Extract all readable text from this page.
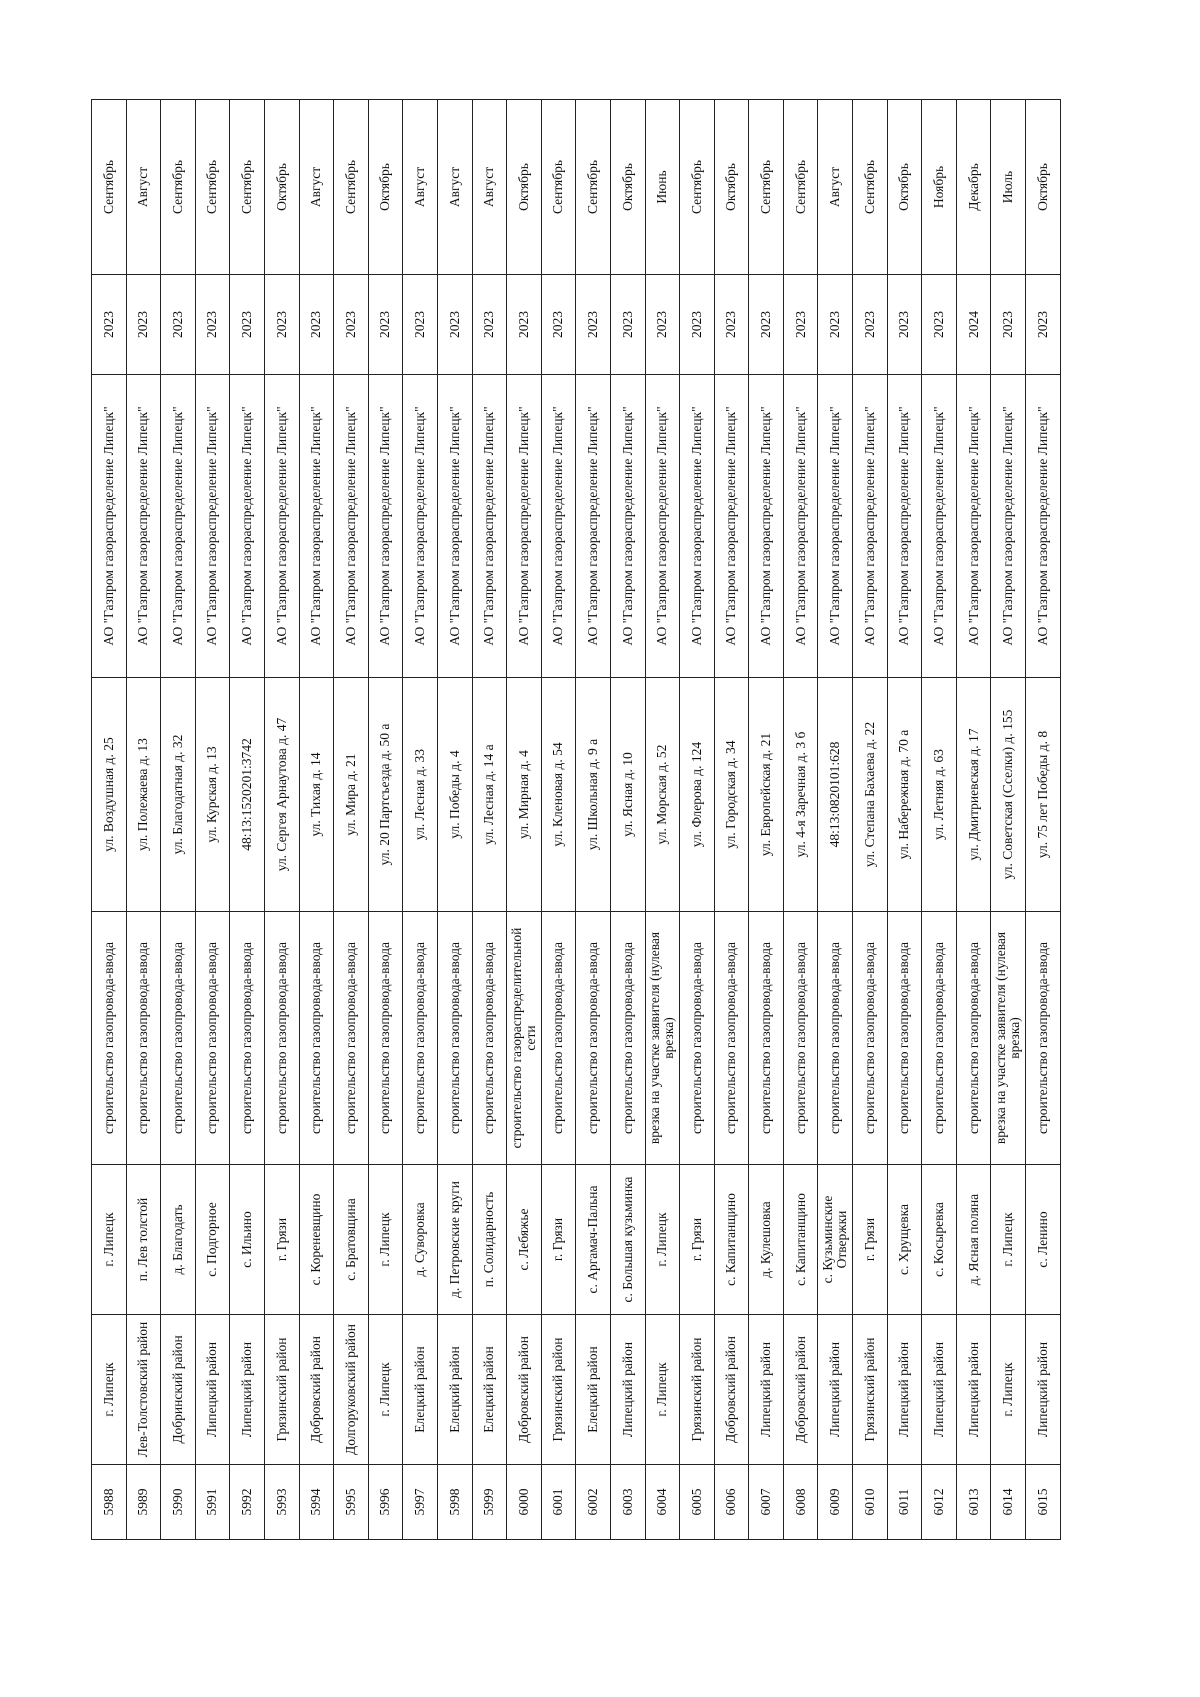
5988	г. Липецк	г. Липецк	строительство газопровода-ввода	ул. Воздушная д. 25	АО "Газпром газораспределение Липецк"	2023	Сентябрь
5989	Лев-Толстовский район	п. Лев толстой	строительство газопровода-ввода	ул. Полежаева д. 13	АО "Газпром газораспределение Липецк"	2023	Август
5990	Добринский район	д. Благодать	строительство газопровода-ввода	ул. Благодатная д. 32	АО "Газпром газораспределение Липецк"	2023	Сентябрь
5991	Липецкий район	с. Подгорное	строительство газопровода-ввода	ул. Курская д. 13	АО "Газпром газораспределение Липецк"	2023	Сентябрь
5992	Липецкий район	с. Ильино	строительство газопровода-ввода	48:13:1520201:3742	АО "Газпром газораспределение Липецк"	2023	Сентябрь
5993	Грязинский район	г. Грязи	строительство газопровода-ввода	ул. Сергея Арнаутова д. 47	АО "Газпром газораспределение Липецк"	2023	Октябрь
5994	Добровский район	с. Кореневщино	строительство газопровода-ввода	ул. Тихая д. 14	АО "Газпром газораспределение Липецк"	2023	Август
5995	Долгоруковский район	с. Братовщина	строительство газопровода-ввода	ул. Мира д. 21	АО "Газпром газораспределение Липецк"	2023	Сентябрь
5996	г. Липецк	г. Липецк	строительство газопровода-ввода	ул. 20 Партсъезда д. 50 а	АО "Газпром газораспределение Липецк"	2023	Октябрь
5997	Елецкий район	д. Суворовка	строительство газопровода-ввода	ул. Лесная д. 33	АО "Газпром газораспределение Липецк"	2023	Август
5998	Елецкий район	д. Петровские круги	строительство газопровода-ввода	ул. Победы д. 4	АО "Газпром газораспределение Липецк"	2023	Август
5999	Елецкий район	п. Солидарность	строительство газопровода-ввода	ул. Лесная д. 14 а	АО "Газпром газораспределение Липецк"	2023	Август
6000	Добровский район	с. Лебяжье	строительство газораспределительной сети	ул. Мирная д. 4	АО "Газпром газораспределение Липецк"	2023	Октябрь
6001	Грязинский район	г. Грязи	строительство газопровода-ввода	ул. Кленовая д. 54	АО "Газпром газораспределение Липецк"	2023	Сентябрь
6002	Елецкий район	с. Аргамач-Пальна	строительство газопровода-ввода	ул. Школьная д. 9 а	АО "Газпром газораспределение Липецк"	2023	Сентябрь
6003	Липецкий район	с. Большая кузьминка	строительство газопровода-ввода	ул. Ясная д. 10	АО "Газпром газораспределение Липецк"	2023	Октябрь
6004	г. Липецк	г. Липецк	врезка на участке заявителя (нулевая врезка)	ул. Морская д. 52	АО "Газпром газораспределение Липецк"	2023	Июнь
6005	Грязинский район	г. Грязи	строительство газопровода-ввода	ул. Флерова д. 124	АО "Газпром газораспределение Липецк"	2023	Сентябрь
6006	Добровский район	с. Капитанщино	строительство газопровода-ввода	ул. Городская д. 34	АО "Газпром газораспределение Липецк"	2023	Октябрь
6007	Липецкий район	д. Кулешовка	строительство газопровода-ввода	ул. Европейская д. 21	АО "Газпром газораспределение Липецк"	2023	Сентябрь
6008	Добровский район	с. Капитанщино	строительство газопровода-ввода	ул. 4-я Заречная д. 3 б	АО "Газпром газораспределение Липецк"	2023	Сентябрь
6009	Липецкий район	с. Кузьминские Отвержки	строительство газопровода-ввода	48:13:0820101:628	АО "Газпром газораспределение Липецк"	2023	Август
6010	Грязинский район	г. Грязи	строительство газопровода-ввода	ул. Степана Бахаева д. 22	АО "Газпром газораспределение Липецк"	2023	Сентябрь
6011	Липецкий район	с. Хрущевка	строительство газопровода-ввода	ул. Набережная д. 70 а	АО "Газпром газораспределение Липецк"	2023	Октябрь
6012	Липецкий район	с. Косыревка	строительство газопровода-ввода	ул. Летняя д. 63	АО "Газпром газораспределение Липецк"	2023	Ноябрь
6013	Липецкий район	д. Ясная поляна	строительство газопровода-ввода	ул. Дмитриевская д. 17	АО "Газпром газораспределение Липецк"	2024	Декабрь
6014	г. Липецк	г. Липецк	врезка на участке заявителя (нулевая врезка)	ул. Советская (Сселки) д. 155	АО "Газпром газораспределение Липецк"	2023	Июль
6015	Липецкий район	с. Ленино	строительство газопровода-ввода	ул. 75 лет Победы д. 8	АО "Газпром газораспределение Липецк"	2023	Октябрь
